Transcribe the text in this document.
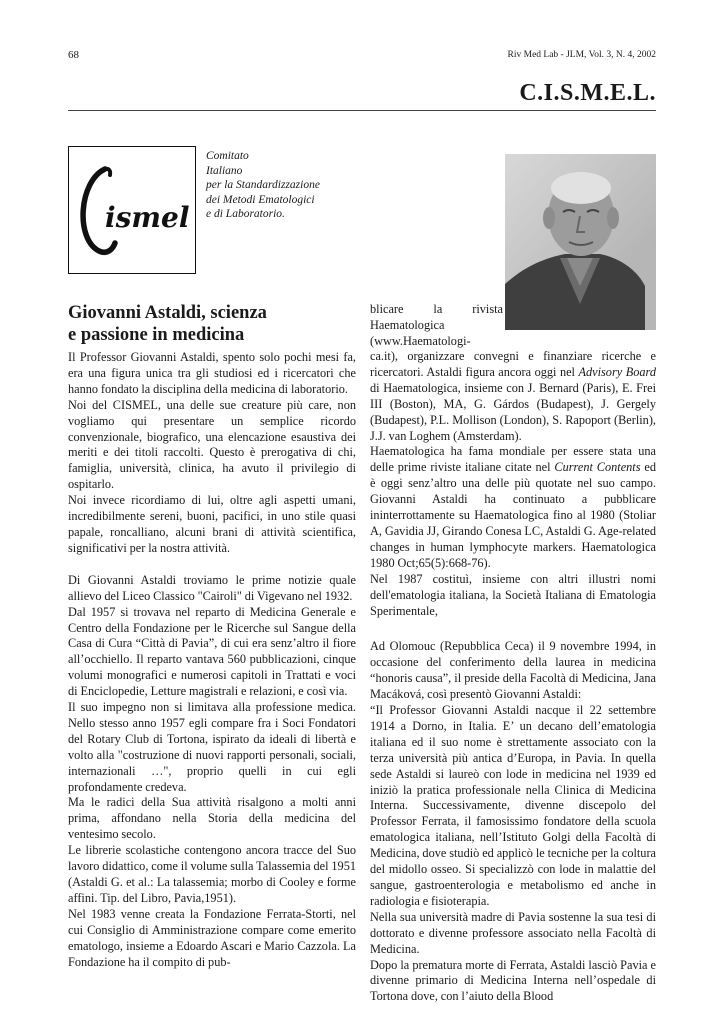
68	Riv Med Lab - JLM, Vol. 3, N. 4, 2002
C.I.S.M.E.L.
ismel
Comitato
Italiano
per la Standardizzazione
dei Metodi Ematologici
e di Laboratorio.
Giovanni Astaldi, scienza
e passione in medicina

Il Professor Giovanni Astaldi, spento solo pochi mesi fa, era una figura unica tra gli studiosi ed i ricercatori che hanno fondato la disciplina della medicina di laboratorio.

Noi del CISMEL, una delle sue creature più care, non vogliamo qui presentare un semplice ricordo convenzionale, biografico, una elencazione esaustiva dei meriti e dei titoli raccolti. Questo è prerogativa di chi, famiglia, università, clinica, ha avuto il privilegio di ospitarlo.

Noi invece ricordiamo di lui, oltre agli aspetti umani, incredibilmente sereni, buoni, pacifici, in uno stile quasi papale, roncalliano, alcuni brani di attività scientifica, significativi per la nostra attività.

Di Giovanni Astaldi troviamo le prime notizie quale allievo del Liceo Classico "Cairoli" di Vigevano nel 1932.

Dal 1957 si trovava nel reparto di Medicina Generale e Centro della Fondazione per le Ricerche sul Sangue della Casa di Cura “Città di Pavia”, di cui era senz’altro il fiore all’occhiello. Il reparto vantava 560 pubblicazioni, cinque volumi monografici e numerosi capitoli in Trattati e voci di Enciclopedie, Letture magistrali e relazioni, e così via.

Il suo impegno non si limitava alla professione medica. Nello stesso anno 1957 egli compare fra i Soci Fondatori del Rotary Club di Tortona, ispirato da ideali di libertà e volto alla "costruzione di nuovi rapporti personali, sociali, internazionali …", proprio quelli in cui egli profondamente credeva.

Ma le radici della Sua attività risalgono a molti anni prima, affondano nella Storia della medicina del ventesimo secolo.

Le librerie scolastiche contengono ancora tracce del Suo lavoro didattico, come il volume sulla Talassemia del 1951 (Astaldi G. et al.: La talassemia; morbo di Cooley e forme affini. Tip. del Libro, Pavia,1951).

Nel 1983 venne creata la Fondazione Ferrata-Storti, nel cui Consiglio di Amministrazione compare come emerito ematologo, insieme a Edoardo Ascari e Mario Cazzola. La Fondazione ha il compito di pub-

blicare la rivista Haematologica (www.Haematologi-

ca.it), organizzare convegni e finanziare ricerche e ricercatori. Astaldi figura ancora oggi nel Advisory Board di Haematologica, insieme con J. Bernard (Paris), E. Frei III (Boston), MA, G. Gárdos (Budapest), J. Gergely (Budapest), P.L. Mollison (London), S. Rapoport (Berlin), J.J. van Loghem (Amsterdam).

Haematologica ha fama mondiale per essere stata una delle prime riviste italiane citate nel Current Contents ed è oggi senz’altro una delle più quotate nel suo campo. Giovanni Astaldi ha continuato a pubblicare ininterrottamente su Haematologica fino al 1980 (Stoliar A, Gavidia JJ, Girando Conesa LC, Astaldi G. Age-related changes in human lymphocyte markers. Haematologica 1980 Oct;65(5):668-76).

Nel 1987 costituì, insieme con altri illustri nomi dell'ematologia italiana, la Società Italiana di Ematologia Sperimentale,

Ad Olomouc (Repubblica Ceca) il 9 novembre 1994, in occasione del conferimento della laurea in medicina “honoris causa”, il preside della Facoltà di Medicina, Jana Macáková, così presentò Giovanni Astaldi:

“Il Professor Giovanni Astaldi nacque il 22 settembre 1914 a Dorno, in Italia. E’ un decano dell’ematologia italiana ed il suo nome è strettamente associato con la terza università più antica d’Europa, in Pavia. In quella sede Astaldi si laureò con lode in medicina nel 1939 ed iniziò la pratica professionale nella Clinica di Medicina Interna. Successivamente, divenne discepolo del Professor Ferrata, il famosissimo fondatore della scuola ematologica italiana, nell’Istituto Golgi della Facoltà di Medicina, dove studiò ed applicò le tecniche per la coltura del midollo osseo. Si specializzò con lode in malattie del sangue, gastroenterologia e metabolismo ed anche in radiologia e fisioterapia.

Nella sua università madre di Pavia sostenne la sua tesi di dottorato e divenne professore associato nella Facoltà di Medicina.

Dopo la prematura morte di Ferrata, Astaldi lasciò Pavia e divenne primario di Medicina Interna nell’ospedale di Tortona dove, con l’aiuto della Blood
